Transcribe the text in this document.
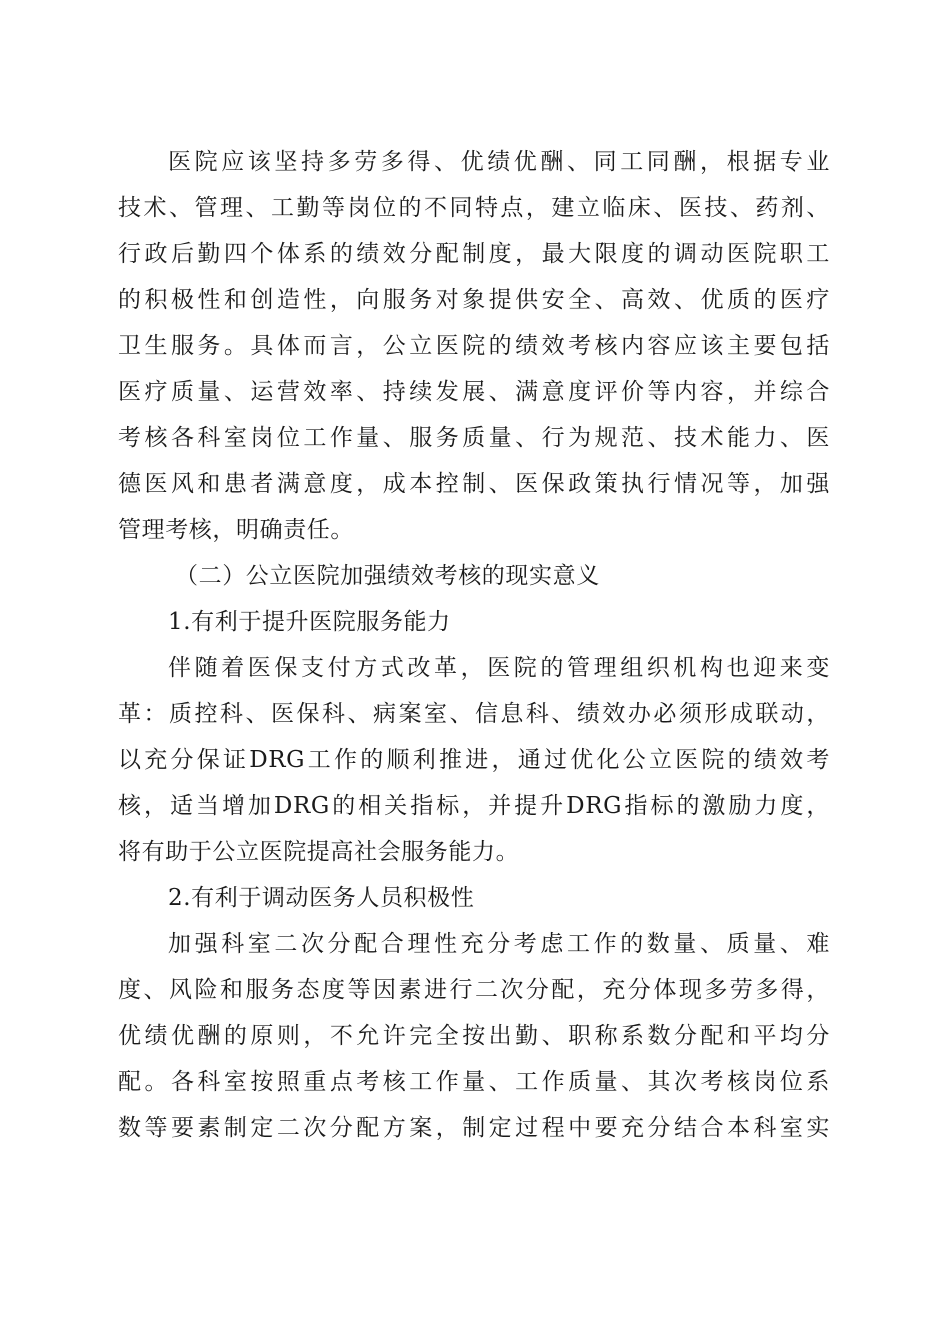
医院应该坚持多劳多得、优绩优酬、同工同酬，根据专业
技术、管理、工勤等岗位的不同特点，建立临床、医技、药剂、
行政后勤四个体系的绩效分配制度，最大限度的调动医院职工
的积极性和创造性，向服务对象提供安全、高效、优质的医疗
卫生服务。具体而言，公立医院的绩效考核内容应该主要包括
医疗质量、运营效率、持续发展、满意度评价等内容，并综合
考核各科室岗位工作量、服务质量、行为规范、技术能力、医
德医风和患者满意度，成本控制、医保政策执行情况等，加强
管理考核，明确责任。
（二）公立医院加强绩效考核的现实意义
1.有利于提升医院服务能力
伴随着医保支付方式改革，医院的管理组织机构也迎来变
革：质控科、医保科、病案室、信息科、绩效办必须形成联动，
以充分保证DRG工作的顺利推进，通过优化公立医院的绩效考
核，适当增加DRG的相关指标，并提升DRG指标的激励力度，
将有助于公立医院提高社会服务能力。
2.有利于调动医务人员积极性
加强科室二次分配合理性充分考虑工作的数量、质量、难
度、风险和服务态度等因素进行二次分配，充分体现多劳多得，
优绩优酬的原则，不允许完全按出勤、职称系数分配和平均分
配。各科室按照重点考核工作量、工作质量、其次考核岗位系
数等要素制定二次分配方案，制定过程中要充分结合本科室实
